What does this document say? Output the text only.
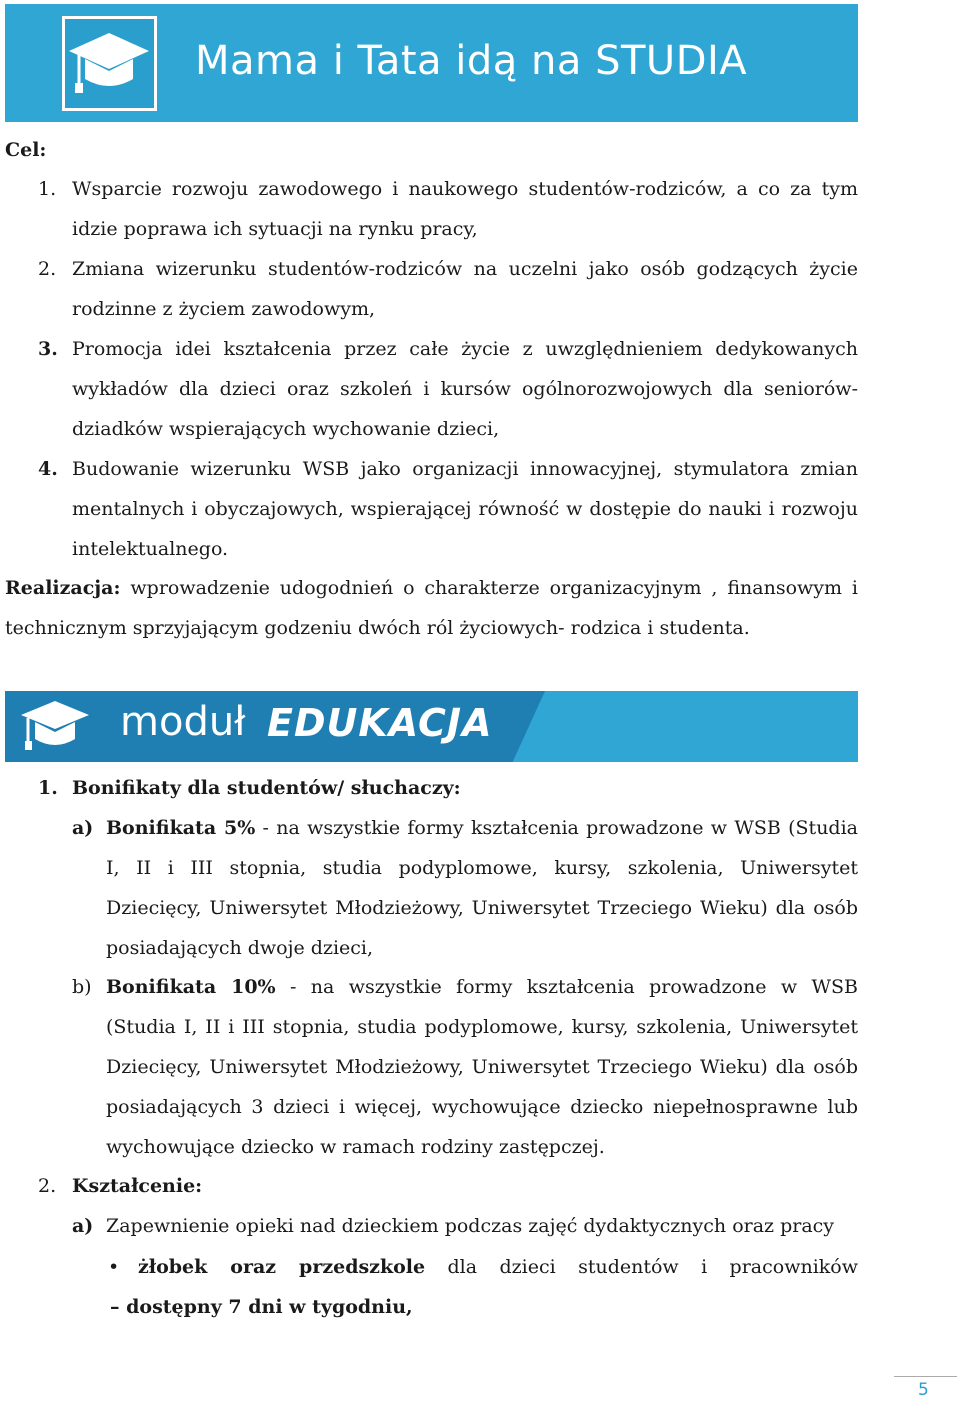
Mama i Tata idą na STUDIA
Cel:
1. Wsparcie rozwoju zawodowego i naukowego studentów-rodziców, a co za tym
idzie poprawa ich sytuacji na rynku pracy,
2. Zmiana wizerunku studentów-rodziców na uczelni jako osób godzących życie
rodzinne z życiem zawodowym,
3. Promocja idei kształcenia przez całe życie z uwzględnieniem dedykowanych
wykładów dla dzieci oraz szkoleń i kursów ogólnorozwojowych dla seniorów-
dziadków wspierających wychowanie dzieci,
4. Budowanie wizerunku WSB jako organizacji innowacyjnej, stymulatora zmian
mentalnych i obyczajowych, wspierającej równość w dostępie do nauki i rozwoju
intelektualnego.
Realizacja: wprowadzenie udogodnień o charakterze organizacyjnym , finansowym i
technicznym sprzyjającym godzeniu dwóch ról życiowych- rodzica i studenta.
moduł EDUKACJA
1. Bonifikaty dla studentów/ słuchaczy:
a) Bonifikata 5% - na wszystkie formy kształcenia prowadzone w WSB (Studia
I, II i III stopnia, studia podyplomowe, kursy, szkolenia, Uniwersytet
Dziecięcy, Uniwersytet Młodzieżowy, Uniwersytet Trzeciego Wieku) dla osób
posiadających dwoje dzieci,
b) Bonifikata 10% - na wszystkie formy kształcenia prowadzone w WSB
(Studia I, II i III stopnia, studia podyplomowe, kursy, szkolenia, Uniwersytet
Dziecięcy, Uniwersytet Młodzieżowy, Uniwersytet Trzeciego Wieku) dla osób
posiadających 3 dzieci i więcej, wychowujące dziecko niepełnosprawne lub
wychowujące dziecko w ramach rodziny zastępczej.
2. Kształcenie:
a) Zapewnienie opieki nad dzieckiem podczas zajęć dydaktycznych oraz pracy
• żłobek oraz przedszkole dla dzieci studentów i pracowników
– dostępny 7 dni w tygodniu,
5
